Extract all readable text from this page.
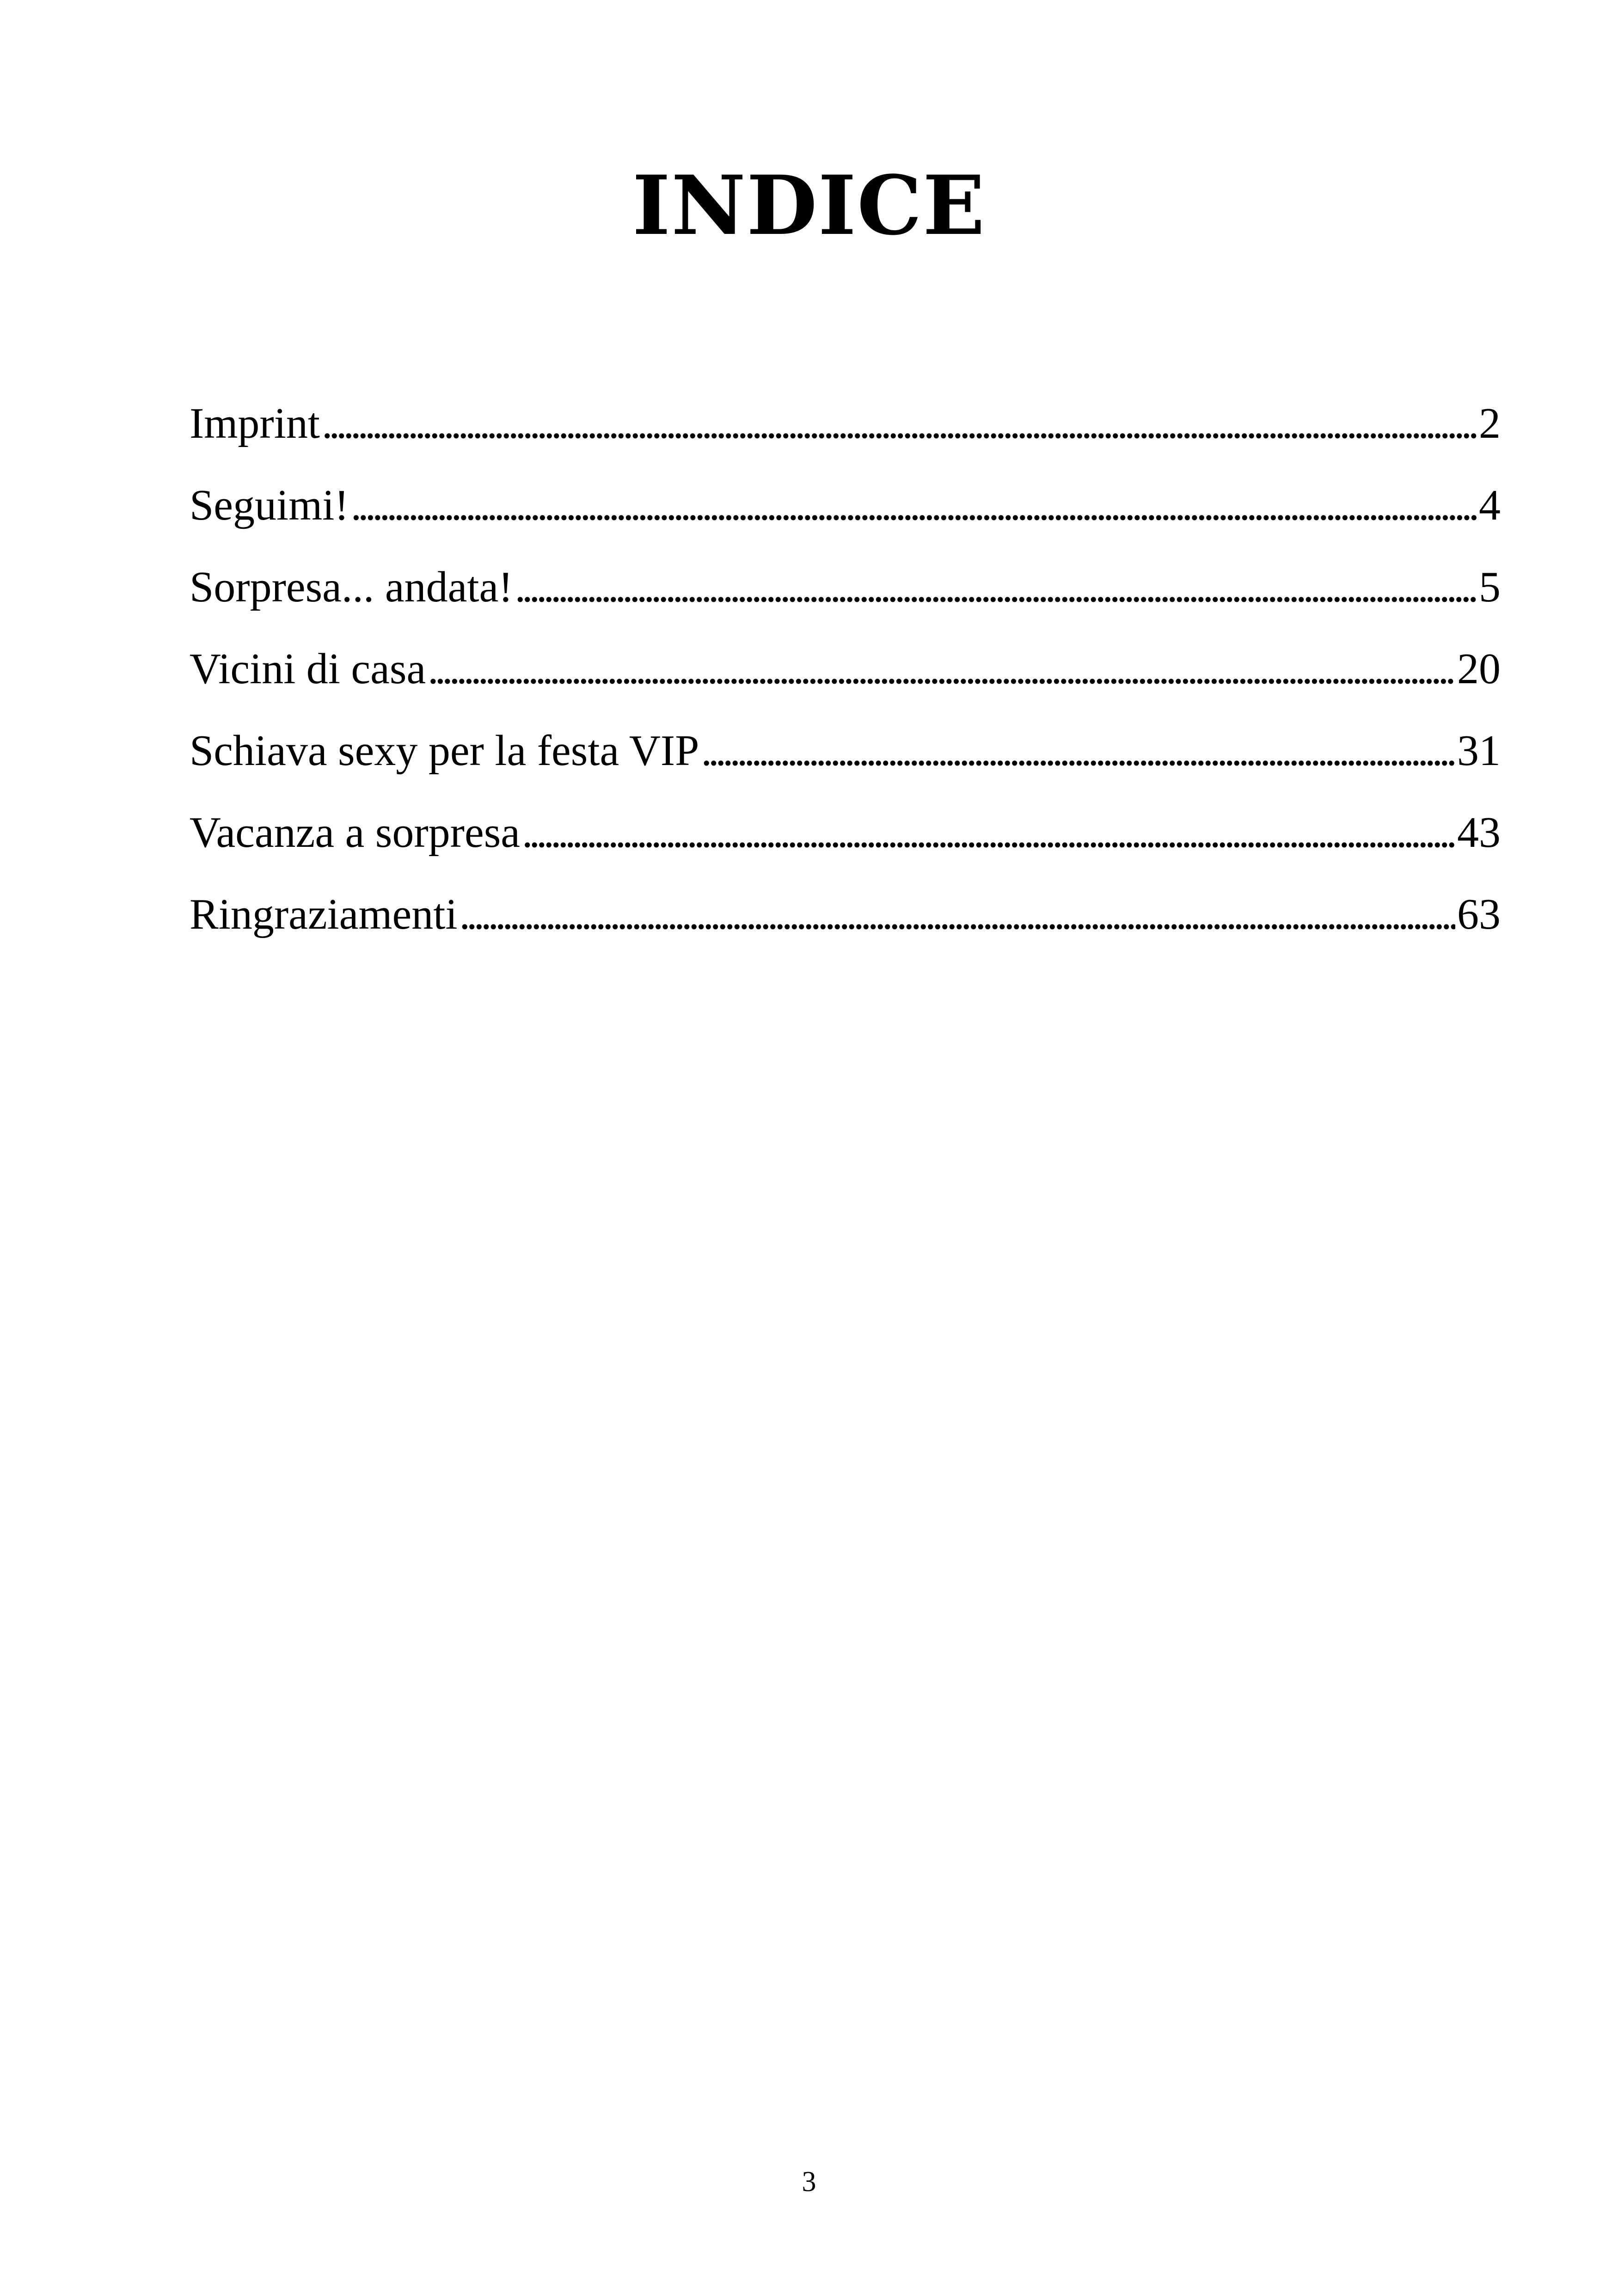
INDICE
Imprint .....	2
Seguimi! .....	4
Sorpresa... andata! .....	5
Vicini di casa .....	20
Schiava sexy per la festa VIP .....	31
Vacanza a sorpresa .....	43
Ringraziamenti .....	63
3
